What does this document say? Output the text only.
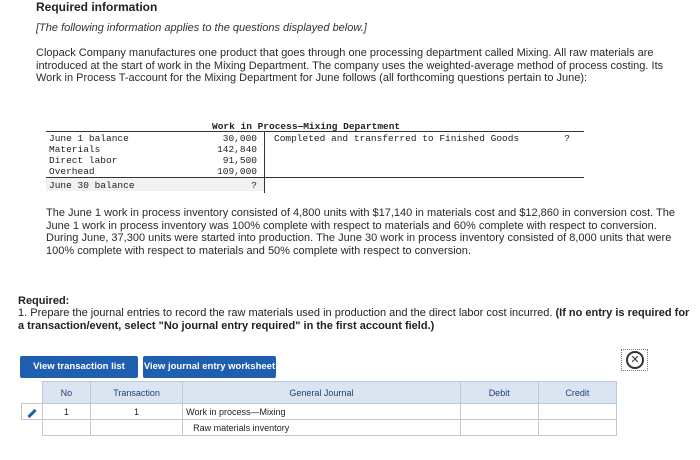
Required information
[The following information applies to the questions displayed below.]
Clopack Company manufactures one product that goes through one processing department called Mixing. All raw materials are introduced at the start of work in the Mixing Department. The company uses the weighted-average method of process costing. Its Work in Process T-account for the Mixing Department for June follows (all forthcoming questions pertain to June):
Work in Process—Mixing Department
June 1 balance	30,000
Materials	142,840
Direct labor	91,500
Overhead	109,000
June 30 balance	?
Completed and transferred to Finished Goods	?
The June 1 work in process inventory consisted of 4,800 units with $17,140 in materials cost and $12,860 in conversion cost. The June 1 work in process inventory was 100% complete with respect to materials and 60% complete with respect to conversion. During June, 37,300 units were started into production. The June 30 work in process inventory consisted of 8,000 units that were 100% complete with respect to materials and 50% complete with respect to conversion.
Required:
1. Prepare the journal entries to record the raw materials used in production and the direct labor cost incurred. (If no entry is required for a transaction/event, select "No journal entry required" in the first account field.)
View transaction list	View journal entry worksheet
✕
	No	Transaction	General Journal	Debit	Credit
	1	1	Work in process—Mixing		
			Raw materials inventory		
